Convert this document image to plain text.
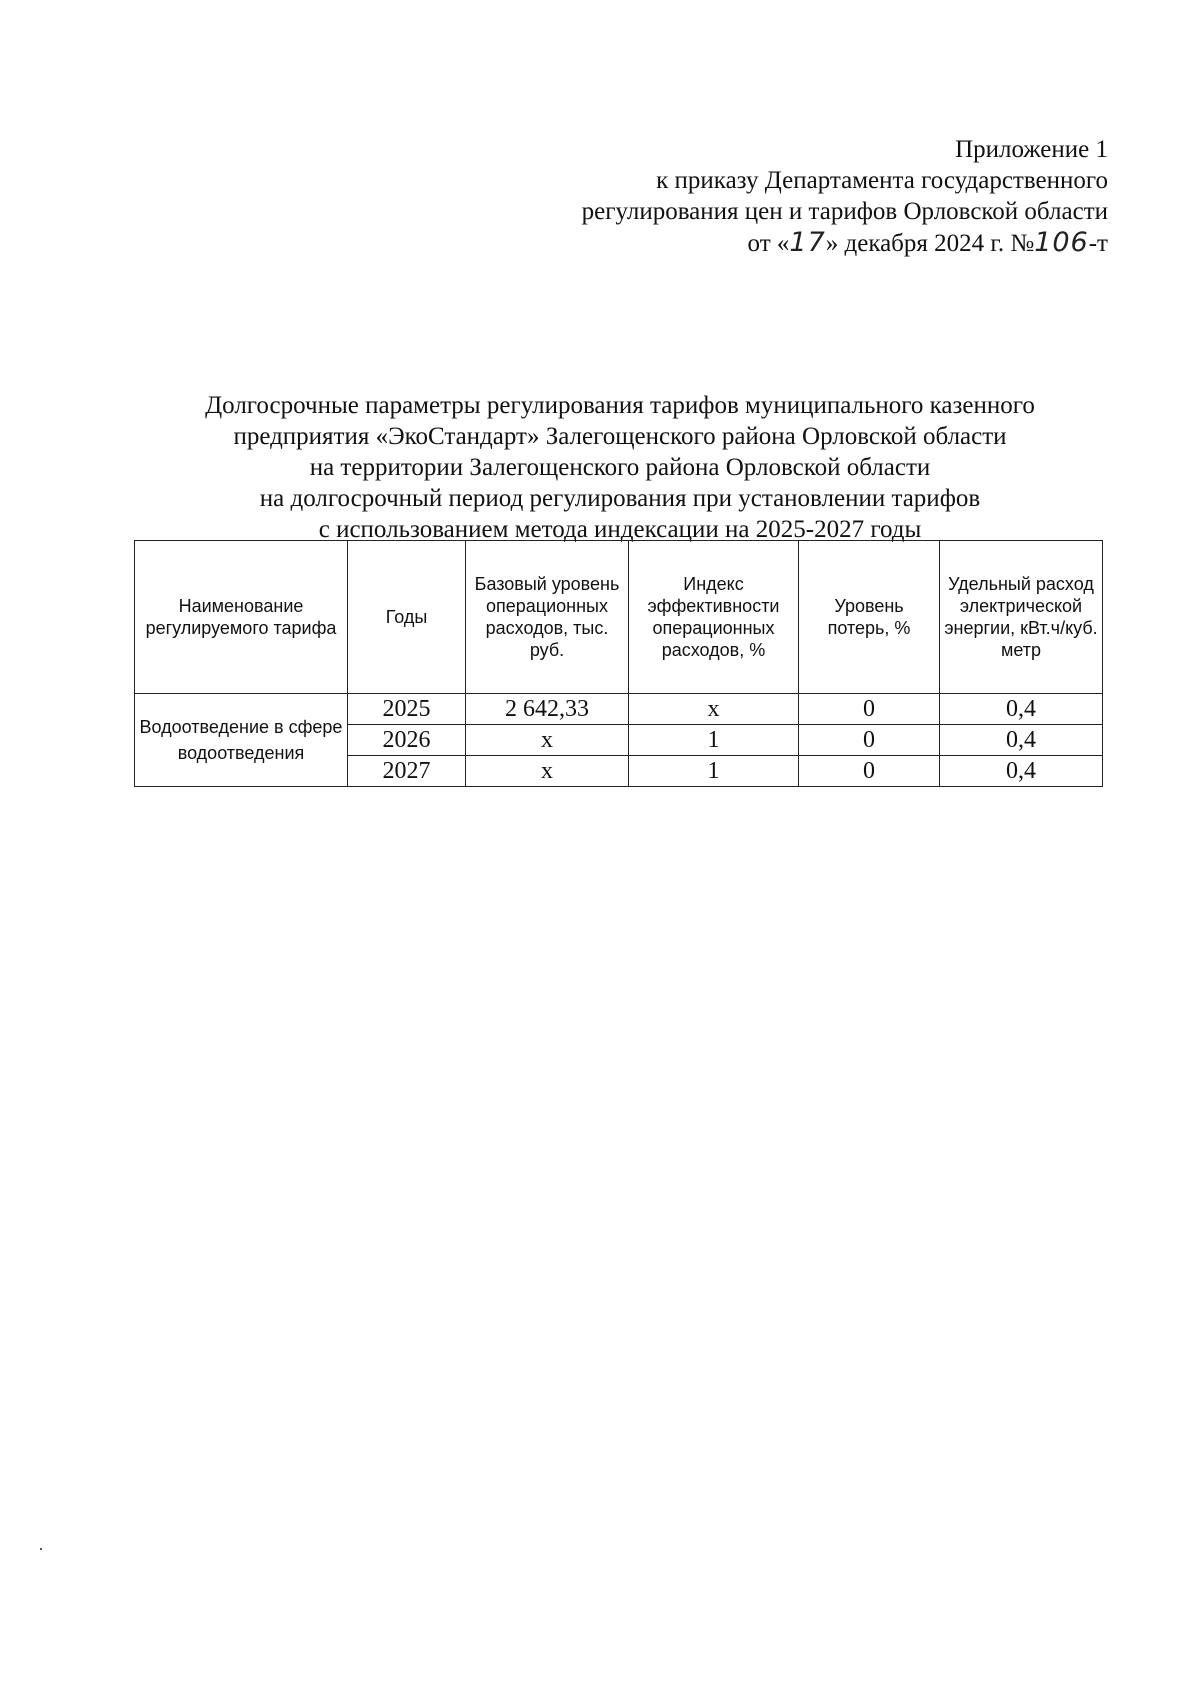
Приложение 1
к приказу Департамента государственного
регулирования цен и тарифов Орловской области
от «17» декабря 2024 г. №106-т
Долгосрочные параметры регулирования тарифов муниципального казенного
предприятия «ЭкоСтандарт» Залегощенского района Орловской области
на территории Залегощенского района Орловской области
на долгосрочный период регулирования при установлении тарифов
с использованием метода индексации на 2025-2027 годы
Наименование регулируемого тарифа	Годы	Базовый уровень операционных расходов, тыс. руб.	Индекс эффективности операционных расходов, %	Уровень потерь, %	Удельный расход электрической энергии, кВт.ч/куб. метр
Водоотведение в сфере водоотведения	2025	2 642,33	х	0	0,4
	2026	х	1	0	0,4
	2027	х	1	0	0,4
